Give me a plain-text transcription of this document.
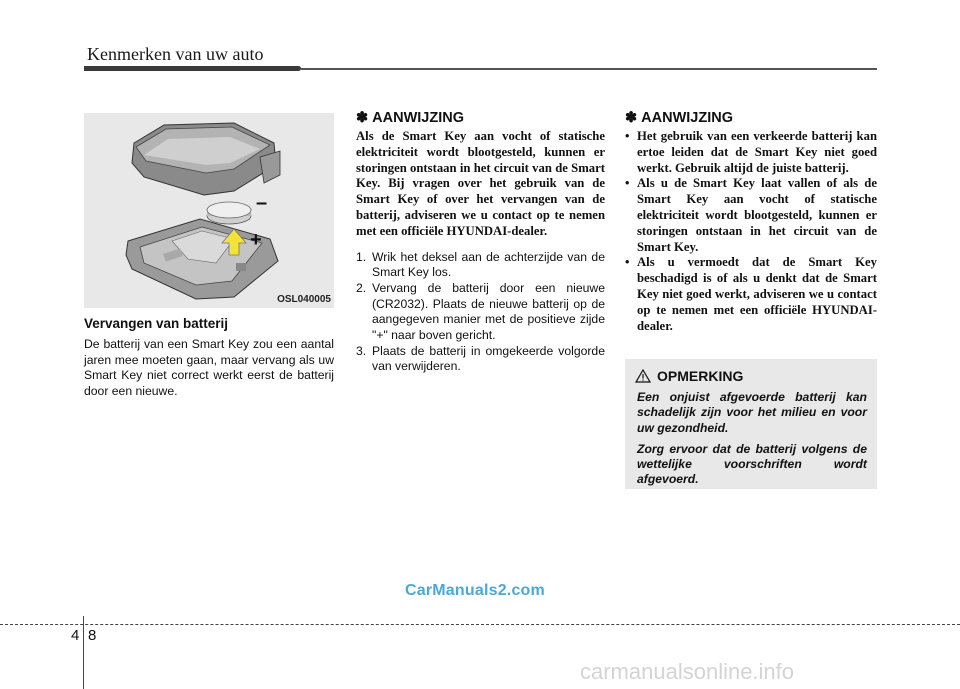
Kenmerken van uw auto
–
+
OSL040005
Vervangen van batterij
De batterij van een Smart Key zou een aantal jaren mee moeten gaan, maar vervang als uw Smart Key niet correct werkt eerst de batterij door een nieuwe.
✽ AANWIJZING
Als de Smart Key aan vocht of statische elektriciteit wordt blootgesteld, kunnen er storingen ontstaan in het circuit van de Smart Key. Bij vragen over het gebruik van de Smart Key of over het vervangen van de batterij, adviseren we u contact op te nemen met een officiële HYUNDAI-dealer.
1. Wrik het deksel aan de achterzijde van de Smart Key los.
2. Vervang de batterij door een nieuwe (CR2032). Plaats de nieuwe batterij op de aangegeven manier met de positieve zijde "+" naar boven gericht.
3. Plaats de batterij in omgekeerde volgorde van verwijderen.
✽ AANWIJZING
• Het gebruik van een verkeerde batterij kan ertoe leiden dat de Smart Key niet goed werkt. Gebruik altijd de juiste batterij.
• Als u de Smart Key laat vallen of als de Smart Key aan vocht of statische elektriciteit wordt blootgesteld, kunnen er storingen ontstaan in het circuit van de Smart Key.
• Als u vermoedt dat de Smart Key beschadigd is of als u denkt dat de Smart Key niet goed werkt, adviseren we u contact op te nemen met een officiële HYUNDAI-dealer.
OPMERKING

Een onjuist afgevoerde batterij kan schadelijk zijn voor het milieu en voor uw gezondheid.

Zorg ervoor dat de batterij volgens de wettelijke voorschriften wordt afgevoerd.

CarManuals2.com
4 8
carmanualsonline.info
